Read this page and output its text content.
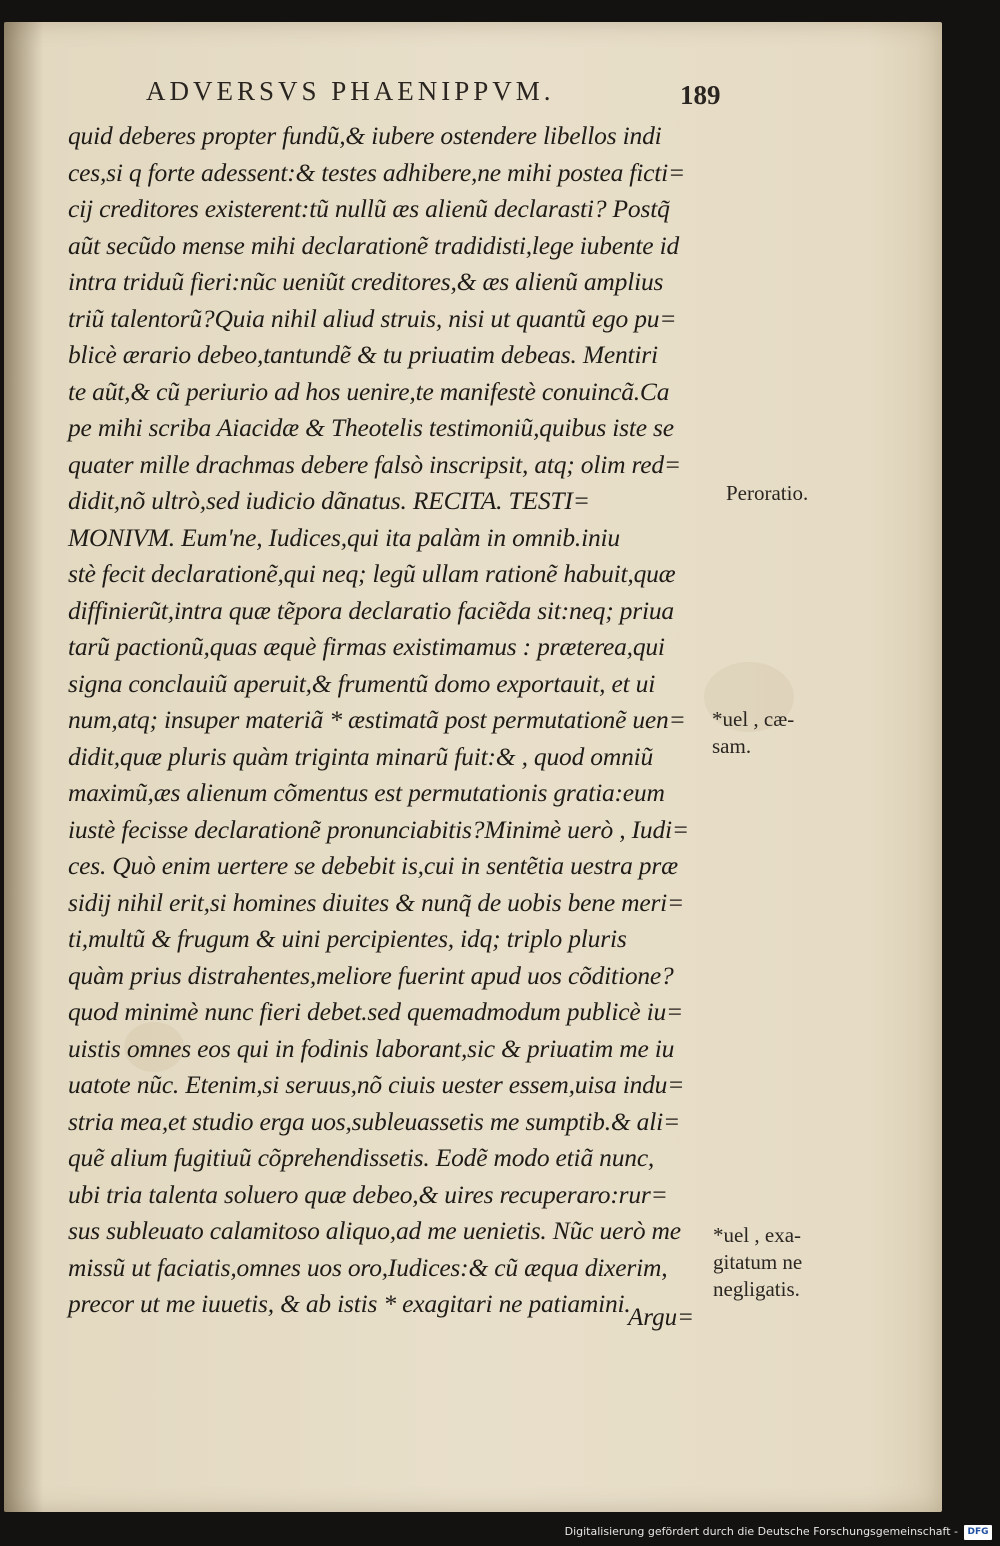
ADVERSVS PHAENIPPVM.	189
quid deberes propter fundũ,& iubere ostendere libellos indi
ces,si q forte adessent:& testes adhibere,ne mihi postea ficti=
cij creditores existerent:tũ nullũ æs alienũ declarasti? Postq̃
aũt secũdo mense mihi declarationẽ tradidisti,lege iubente id
intra triduũ fieri:nũc ueniũt creditores,& æs alienũ amplius
triũ talentorũ?Quia nihil aliud struis, nisi ut quantũ ego pu=
blicè ærario debeo,tantundẽ & tu priuatim debeas. Mentiri
te aũt,& cũ periurio ad hos uenire,te manifestè conuincã.Ca
pe mihi scriba Aiacidæ & Theotelis testimoniũ,quibus iste se
quater mille drachmas debere falsò inscripsit, atq; olim red=
didit,nõ ultrò,sed iudicio dãnatus. RECITA. TESTI=
MONIVM. Eum'ne, Iudices,qui ita palàm in omnib.iniu
stè fecit declarationẽ,qui neq; legũ ullam rationẽ habuit,quæ
diffinierũt,intra quæ tẽpora declaratio faciẽda sit:neq; priua
tarũ pactionũ,quas æquè firmas existimamus : præterea,qui
signa conclauiũ aperuit,& frumentũ domo exportauit, et ui
num,atq; insuper materiã * æstimatã post permutationẽ uen=
didit,quæ pluris quàm triginta minarũ fuit:& , quod omniũ
maximũ,æs alienum cõmentus est permutationis gratia:eum
iustè fecisse declarationẽ pronunciabitis?Minimè uerò , Iudi=
ces. Quò enim uertere se debebit is,cui in sentẽtia uestra præ
sidij nihil erit,si homines diuites & nunq̃ de uobis bene meri=
ti,multũ & frugum & uini percipientes, idq; triplo pluris
quàm prius distrahentes,meliore fuerint apud uos cõditione?
quod minimè nunc fieri debet.sed quemadmodum publicè iu=
uistis omnes eos qui in fodinis laborant,sic & priuatim me iu
uatote nũc. Etenim,si seruus,nõ ciuis uester essem,uisa indu=
stria mea,et studio erga uos,subleuassetis me sumptib.& ali=
quẽ alium fugitiuũ cõprehendissetis. Eodẽ modo etiã nunc,
ubi tria talenta soluero quæ debeo,& uires recuperaro:rur=
sus subleuato calamitoso aliquo,ad me uenietis. Nũc uerò me
missũ ut faciatis,omnes uos oro,Iudices:& cũ æqua dixerim,
precor ut me iuuetis, & ab istis * exagitari ne patiamini.
Peroratio.
*uel , cæ-
sam.
*uel , exa-
gitatum ne
negligatis.
Argu=
Digitalisierung gefördert durch die Deutsche Forschungsgemeinschaft -	DFG
